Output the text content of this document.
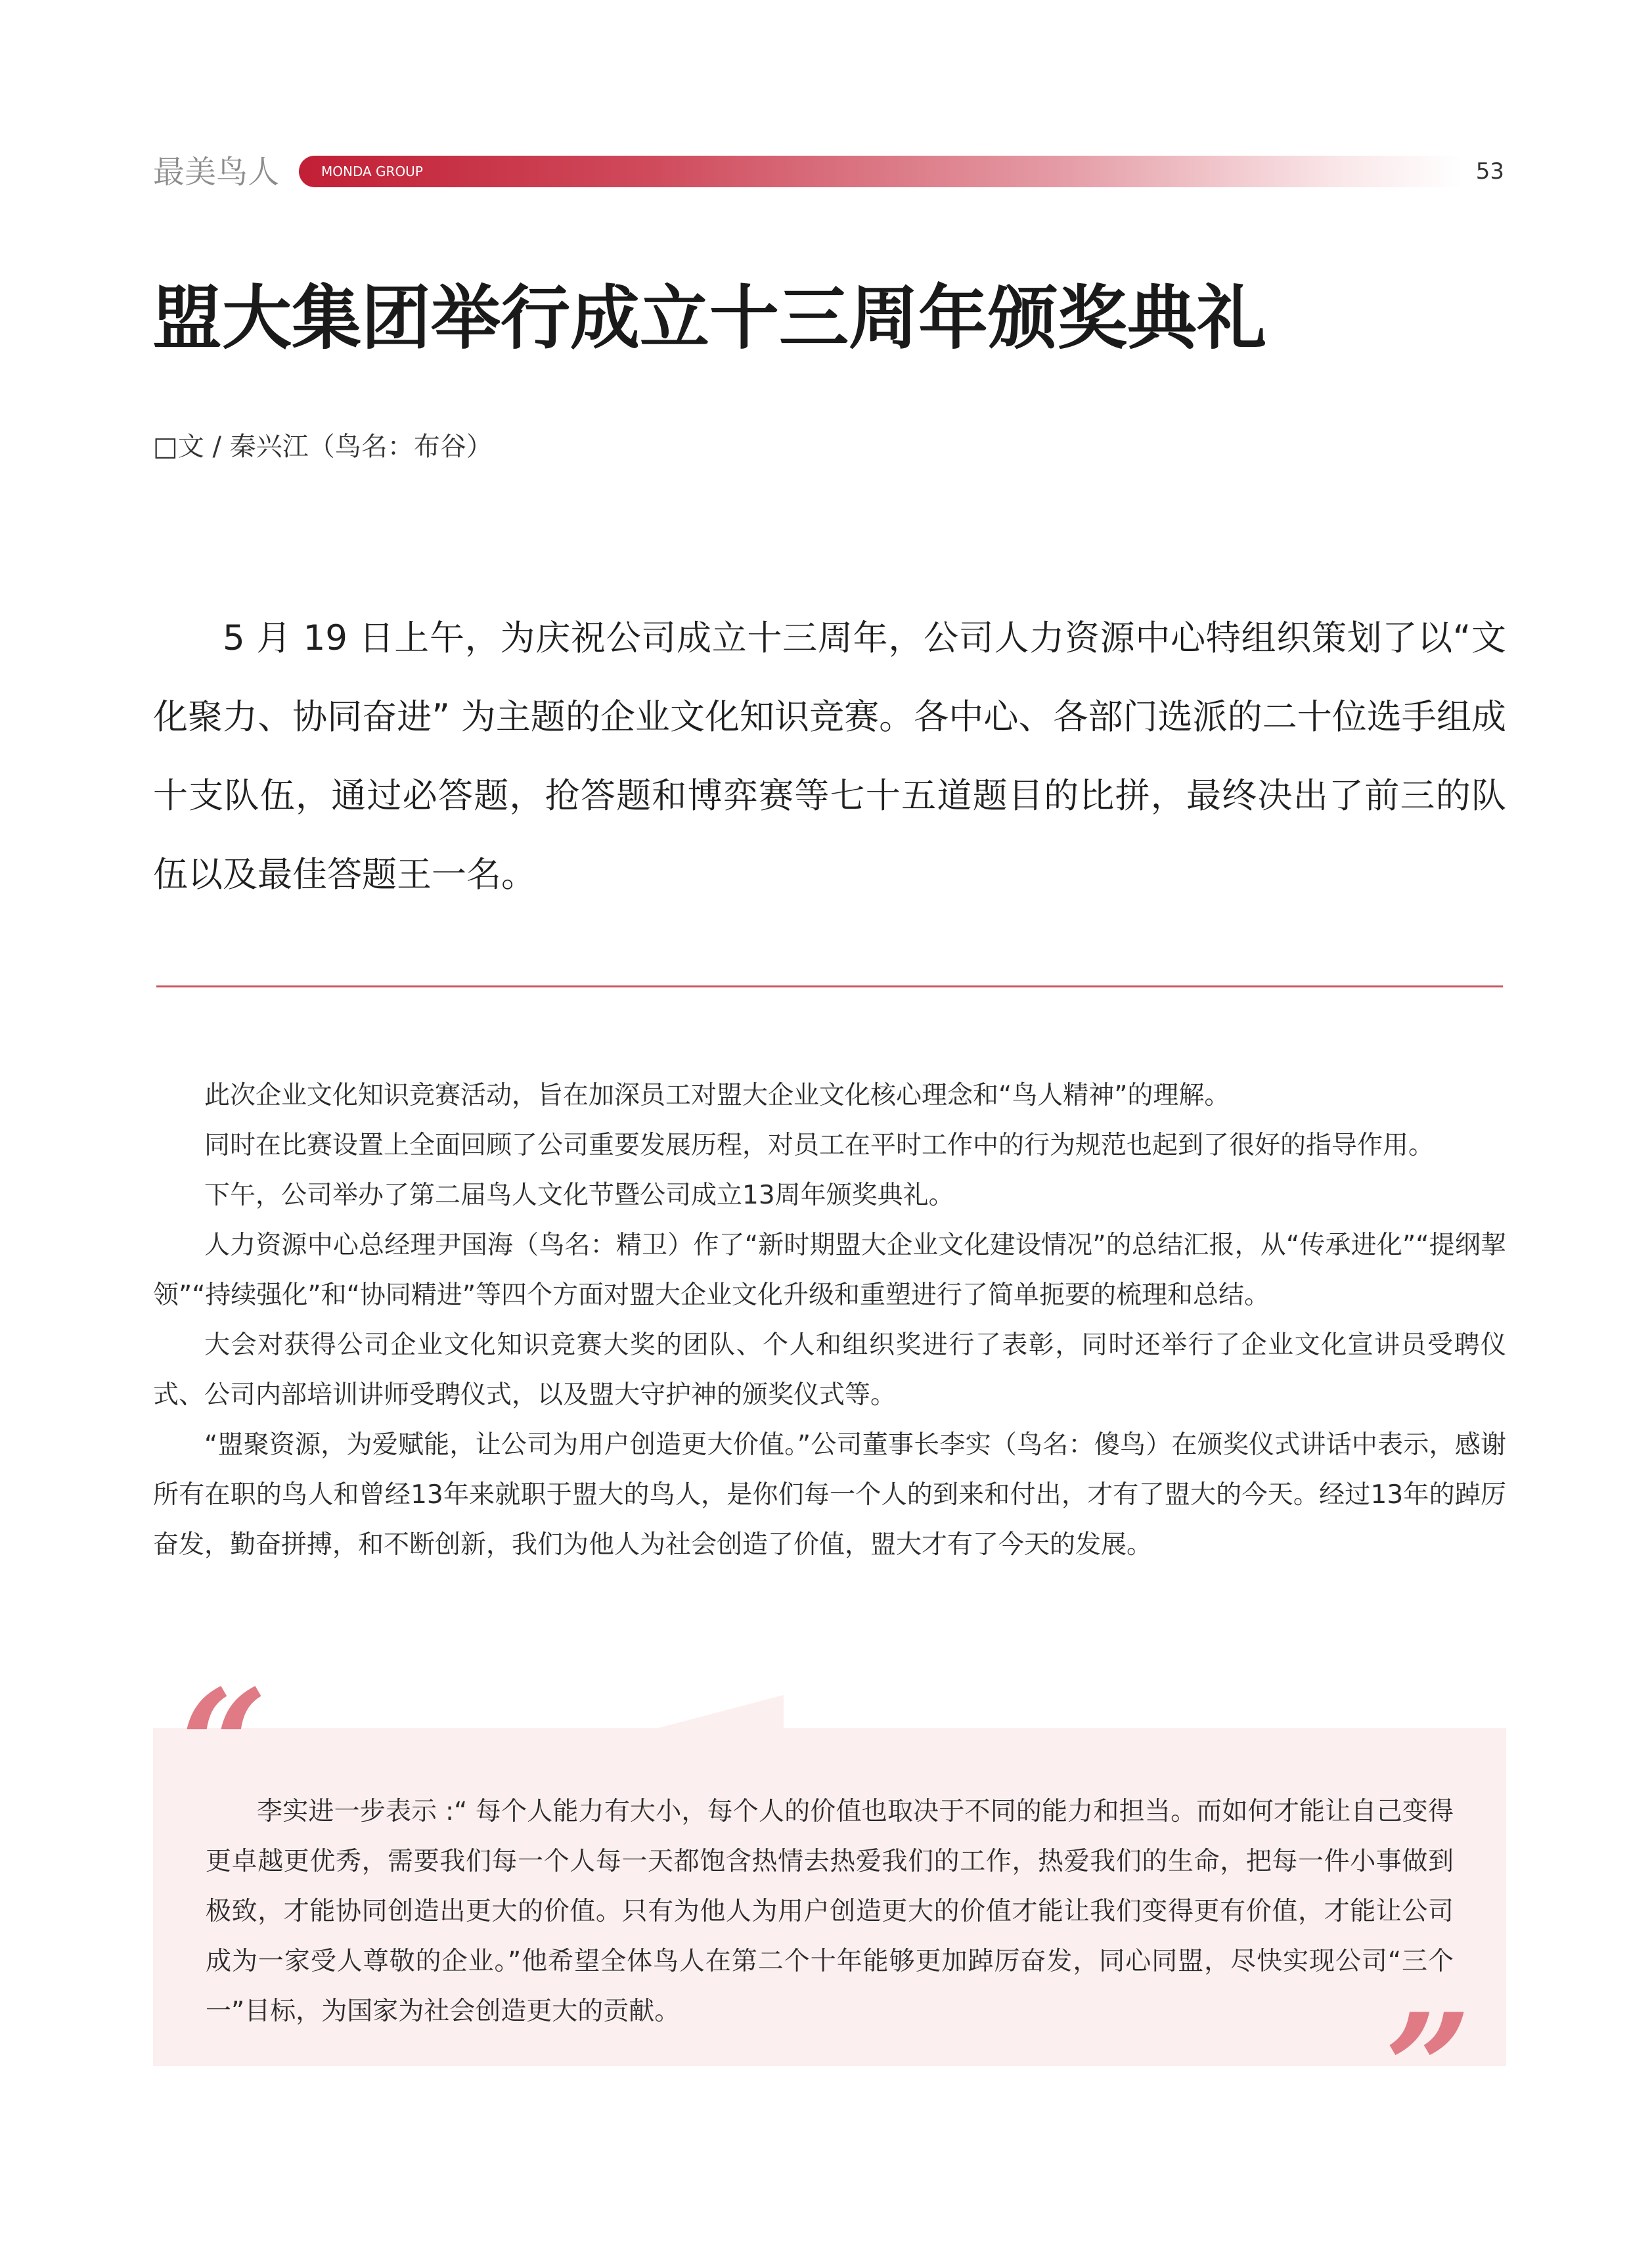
最美鸟人	MONDA GROUP	53
盟大集团举行成立十三周年颁奖典礼
□文 / 秦兴江（鸟名：布谷）

5 月 19 日上午，为庆祝公司成立十三周年，公司人力资源中心特组织策划了以“文化聚力、协同奋进” 为主题的企业文化知识竞赛。各中心、各部门选派的二十位选手组成十支队伍，通过必答题，抢答题和博弈赛等七十五道题目的比拼，最终决出了前三的队伍以及最佳答题王一名。

此次企业文化知识竞赛活动，旨在加深员工对盟大企业文化核心理念和“鸟人精神”的理解。

同时在比赛设置上全面回顾了公司重要发展历程，对员工在平时工作中的行为规范也起到了很好的指导作用。

下午，公司举办了第二届鸟人文化节暨公司成立13周年颁奖典礼。

人力资源中心总经理尹国海（鸟名：精卫）作了“新时期盟大企业文化建设情况”的总结汇报，从“传承进化”“提纲挈领”“持续强化”和“协同精进”等四个方面对盟大企业文化升级和重塑进行了简单扼要的梳理和总结。

大会对获得公司企业文化知识竞赛大奖的团队、个人和组织奖进行了表彰，同时还举行了企业文化宣讲员受聘仪式、公司内部培训讲师受聘仪式，以及盟大守护神的颁奖仪式等。

“盟聚资源，为爱赋能，让公司为用户创造更大价值。”公司董事长李实（鸟名：傻鸟）在颁奖仪式讲话中表示，感谢所有在职的鸟人和曾经13年来就职于盟大的鸟人，是你们每一个人的到来和付出，才有了盟大的今天。经过13年的踔厉奋发，勤奋拼搏，和不断创新，我们为他人为社会创造了价值，盟大才有了今天的发展。

“

李实进一步表示 :“ 每个人能力有大小，每个人的价值也取决于不同的能力和担当。而如何才能让自己变得更卓越更优秀，需要我们每一个人每一天都饱含热情去热爱我们的工作，热爱我们的生命，把每一件小事做到极致，才能协同创造出更大的价值。只有为他人为用户创造更大的价值才能让我们变得更有价值，才能让公司成为一家受人尊敬的企业。”他希望全体鸟人在第二个十年能够更加踔厉奋发，同心同盟，尽快实现公司“三个一”目标，为国家为社会创造更大的贡献。	”
